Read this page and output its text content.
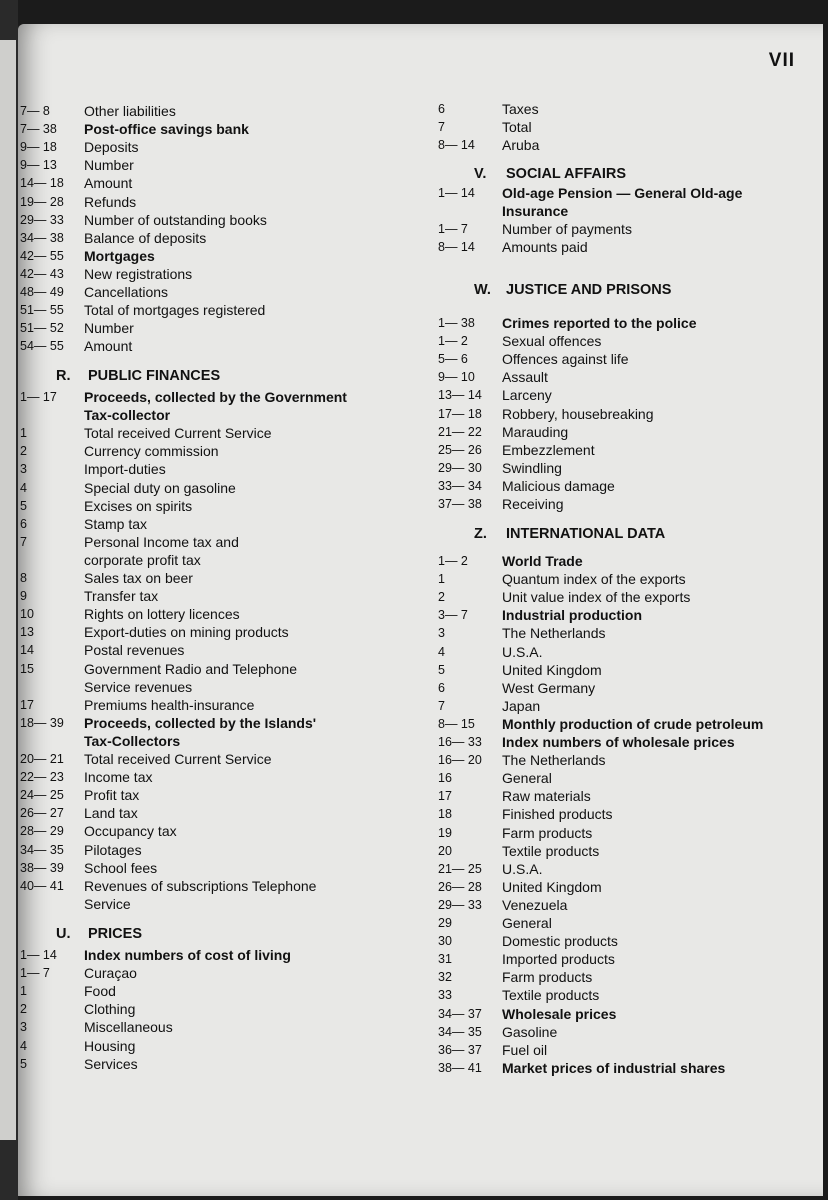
VII
7— 8	Other liabilities
7— 38	Post-office savings bank
9— 18	Deposits
9— 13	Number
14— 18	Amount
19— 28	Refunds
29— 33	Number of outstanding books
34— 38	Balance of deposits
42— 55	Mortgages
42— 43	New registrations
48— 49	Cancellations
51— 55	Total of mortgages registered
51— 52	Number
54— 55	Amount
R. PUBLIC FINANCES
1— 17	Proceeds, collected by the Government
Tax-collector
1	Total received Current Service
2	Currency commission
3	Import-duties
4	Special duty on gasoline
5	Excises on spirits
6	Stamp tax
7	Personal Income tax and
corporate profit tax
8	Sales tax on beer
9	Transfer tax
10	Rights on lottery licences
13	Export-duties on mining products
14	Postal revenues
15	Government Radio and Telephone
Service revenues
17	Premiums health-insurance
18— 39	Proceeds, collected by the Islands'
Tax-Collectors
20— 21	Total received Current Service
22— 23	Income tax
24— 25	Profit tax
26— 27	Land tax
28— 29	Occupancy tax
34— 35	Pilotages
38— 39	School fees
40— 41	Revenues of subscriptions Telephone
Service
U. PRICES
1— 14	Index numbers of cost of living
1— 7	Curaçao
1	Food
2	Clothing
3	Miscellaneous
4	Housing
5	Services
6	Taxes
7	Total
8— 14	Aruba
V. SOCIAL AFFAIRS
1— 14	Old-age Pension — General Old-age
Insurance
1— 7	Number of payments
8— 14	Amounts paid
W. JUSTICE AND PRISONS
1— 38	Crimes reported to the police
1— 2	Sexual offences
5— 6	Offences against life
9— 10	Assault
13— 14	Larceny
17— 18	Robbery, housebreaking
21— 22	Marauding
25— 26	Embezzlement
29— 30	Swindling
33— 34	Malicious damage
37— 38	Receiving
Z. INTERNATIONAL DATA
1— 2	World Trade
1	Quantum index of the exports
2	Unit value index of the exports
3— 7	Industrial production
3	The Netherlands
4	U.S.A.
5	United Kingdom
6	West Germany
7	Japan
8— 15	Monthly production of crude petroleum
16— 33	Index numbers of wholesale prices
16— 20	The Netherlands
16	General
17	Raw materials
18	Finished products
19	Farm products
20	Textile products
21— 25	U.S.A.
26— 28	United Kingdom
29— 33	Venezuela
29	General
30	Domestic products
31	Imported products
32	Farm products
33	Textile products
34— 37	Wholesale prices
34— 35	Gasoline
36— 37	Fuel oil
38— 41	Market prices of industrial shares
